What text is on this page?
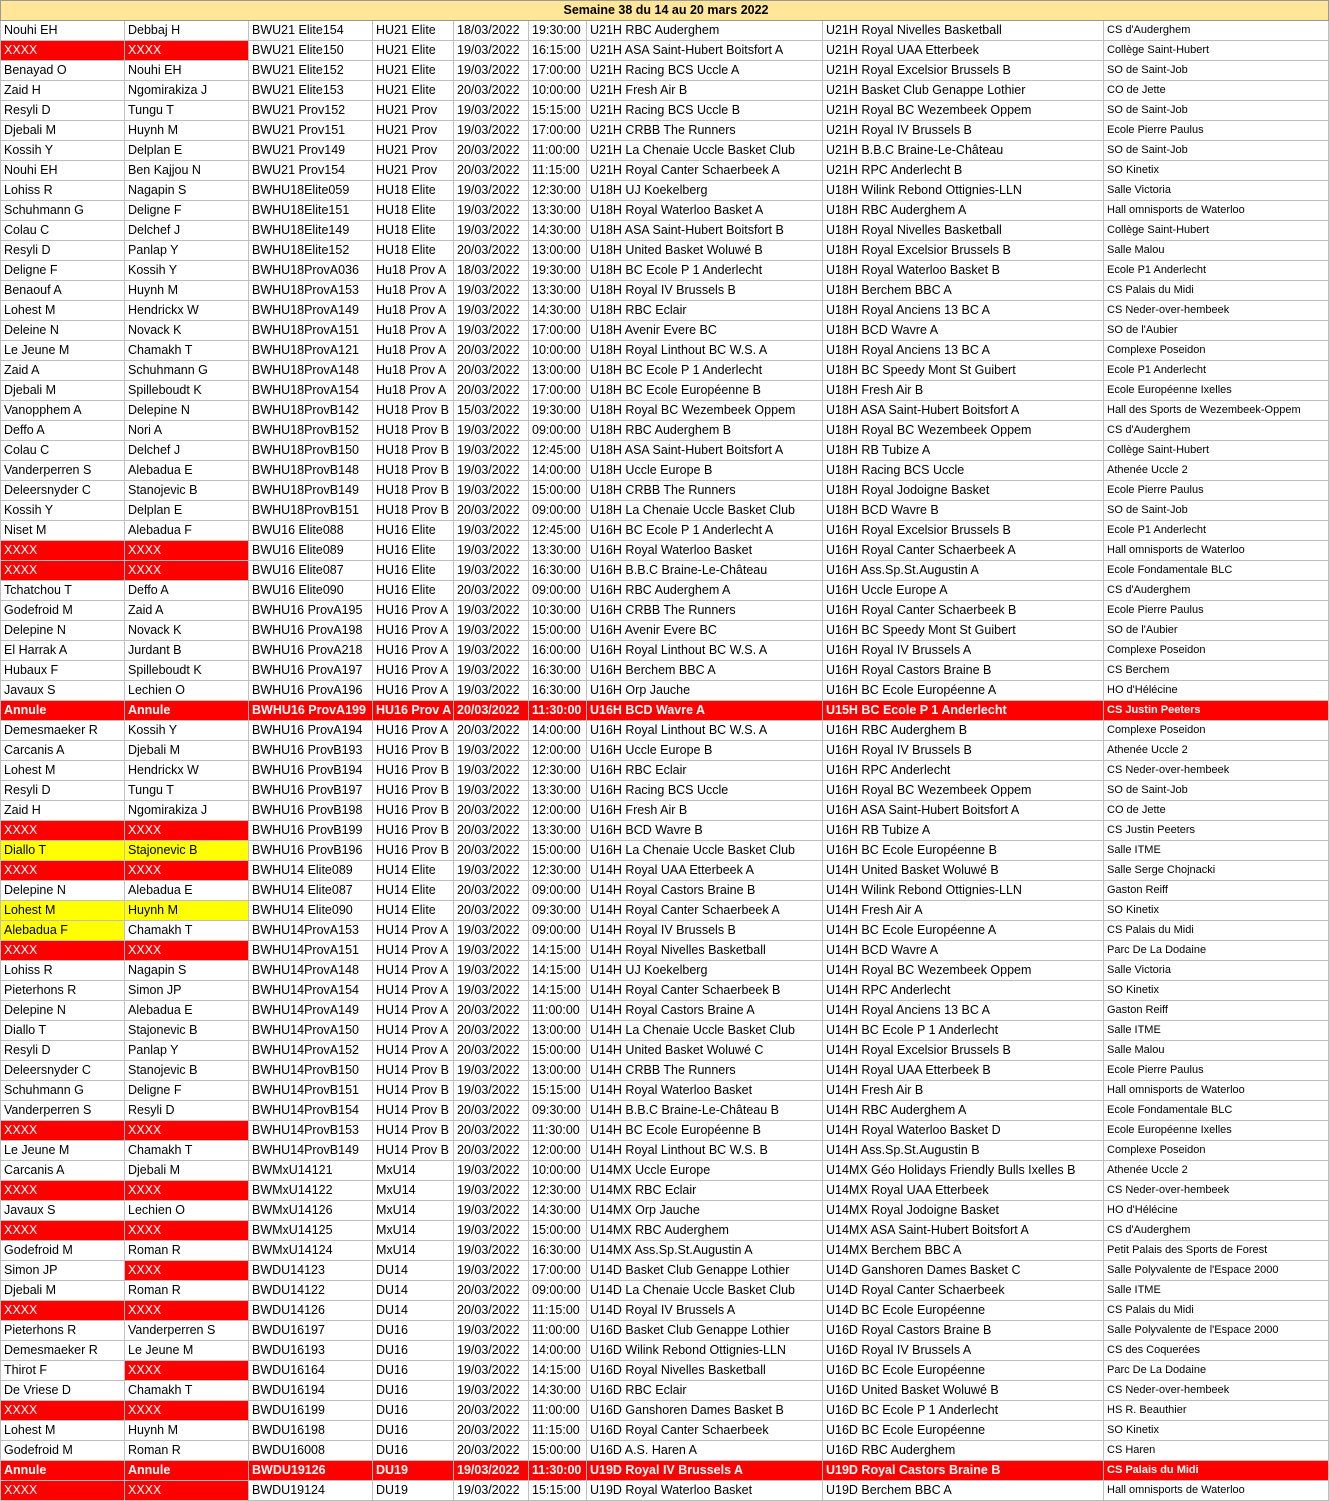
Semaine 38 du 14 au 20 mars 2022								
Nouhi EH	Debbaj H	BWU21 Elite154	HU21 Elite	18/03/2022	19:30:00	U21H RBC Auderghem	U21H Royal Nivelles Basketball	CS d'Auderghem
XXXX	XXXX	BWU21 Elite150	HU21 Elite	19/03/2022	16:15:00	U21H ASA Saint-Hubert Boitsfort A	U21H Royal UAA Etterbeek	Collège Saint-Hubert
Benayad O	Nouhi EH	BWU21 Elite152	HU21 Elite	19/03/2022	17:00:00	U21H Racing BCS Uccle A	U21H Royal Excelsior Brussels B	SO de Saint-Job
Zaid H	Ngomirakiza J	BWU21 Elite153	HU21 Elite	20/03/2022	10:00:00	U21H Fresh Air B	U21H Basket Club Genappe Lothier	CO de Jette
Resyli D	Tungu T	BWU21 Prov152	HU21 Prov	19/03/2022	15:15:00	U21H Racing BCS Uccle B	U21H Royal BC Wezembeek Oppem	SO de Saint-Job
Djebali M	Huynh M	BWU21 Prov151	HU21 Prov	19/03/2022	17:00:00	U21H CRBB The Runners	U21H Royal IV Brussels B	Ecole Pierre Paulus
Kossih Y	Delplan E	BWU21 Prov149	HU21 Prov	20/03/2022	11:00:00	U21H La Chenaie Uccle Basket Club	U21H B.B.C Braine-Le-Château	SO de Saint-Job
Nouhi EH	Ben Kajjou N	BWU21 Prov154	HU21 Prov	20/03/2022	11:15:00	U21H Royal Canter Schaerbeek A	U21H RPC Anderlecht B	SO Kinetix
Lohiss R	Nagapin S	BWHU18Elite059	HU18 Elite	19/03/2022	12:30:00	U18H UJ Koekelberg	U18H Wilink Rebond Ottignies-LLN	Salle Victoria
Schuhmann G	Deligne F	BWHU18Elite151	HU18 Elite	19/03/2022	13:30:00	U18H Royal Waterloo Basket A	U18H RBC Auderghem A	Hall omnisports de Waterloo
Colau C	Delchef J	BWHU18Elite149	HU18 Elite	19/03/2022	14:30:00	U18H ASA Saint-Hubert Boitsfort B	U18H Royal Nivelles Basketball	Collège Saint-Hubert
Resyli D	Panlap Y	BWHU18Elite152	HU18 Elite	20/03/2022	13:00:00	U18H United Basket Woluwé B	U18H Royal Excelsior Brussels B	Salle Malou
Deligne F	Kossih Y	BWHU18ProvA036	Hu18 Prov A	18/03/2022	19:30:00	U18H BC Ecole P 1 Anderlecht	U18H Royal Waterloo Basket B	Ecole P1 Anderlecht
Benaouf A	Huynh M	BWHU18ProvA153	Hu18 Prov A	19/03/2022	13:30:00	U18H Royal IV Brussels B	U18H Berchem BBC A	CS Palais du Midi
Lohest M	Hendrickx W	BWHU18ProvA149	Hu18 Prov A	19/03/2022	14:30:00	U18H RBC Eclair	U18H Royal Anciens 13 BC A	CS Neder-over-hembeek
Deleine N	Novack K	BWHU18ProvA151	Hu18 Prov A	19/03/2022	17:00:00	U18H Avenir Evere BC	U18H BCD Wavre A	SO de l'Aubier
Le Jeune M	Chamakh T	BWHU18ProvA121	Hu18 Prov A	20/03/2022	10:00:00	U18H Royal Linthout BC W.S. A	U18H Royal Anciens 13 BC A	Complexe Poseidon
Zaid A	Schuhmann G	BWHU18ProvA148	Hu18 Prov A	20/03/2022	13:00:00	U18H BC Ecole P 1 Anderlecht	U18H BC Speedy Mont St Guibert	Ecole P1 Anderlecht
Djebali M	Spilleboudt K	BWHU18ProvA154	Hu18 Prov A	20/03/2022	17:00:00	U18H BC Ecole Européenne B	U18H Fresh Air B	Ecole Européenne Ixelles
Vanopphem A	Delepine N	BWHU18ProvB142	HU18 Prov B	15/03/2022	19:30:00	U18H Royal BC Wezembeek Oppem	U18H ASA Saint-Hubert Boitsfort A	Hall des Sports de Wezembeek-Oppem
Deffo A	Nori A	BWHU18ProvB152	HU18 Prov B	19/03/2022	09:00:00	U18H RBC Auderghem B	U18H Royal BC Wezembeek Oppem	CS d'Auderghem
Colau C	Delchef J	BWHU18ProvB150	HU18 Prov B	19/03/2022	12:45:00	U18H ASA Saint-Hubert Boitsfort A	U18H RB Tubize A	Collège Saint-Hubert
Vanderperren S	Alebadua E	BWHU18ProvB148	HU18 Prov B	19/03/2022	14:00:00	U18H Uccle Europe B	U18H Racing BCS Uccle	Athenée Uccle 2
Deleersnyder C	Stanojevic B	BWHU18ProvB149	HU18 Prov B	19/03/2022	15:00:00	U18H CRBB The Runners	U18H Royal Jodoigne Basket	Ecole Pierre Paulus
Kossih Y	Delplan E	BWHU18ProvB151	HU18 Prov B	20/03/2022	09:00:00	U18H La Chenaie Uccle Basket Club	U18H BCD Wavre B	SO de Saint-Job
Niset M	Alebadua F	BWU16 Elite088	HU16 Elite	19/03/2022	12:45:00	U16H BC Ecole P 1 Anderlecht A	U16H Royal Excelsior Brussels B	Ecole P1 Anderlecht
XXXX	XXXX	BWU16 Elite089	HU16 Elite	19/03/2022	13:30:00	U16H Royal Waterloo Basket	U16H Royal Canter Schaerbeek A	Hall omnisports de Waterloo
XXXX	XXXX	BWU16 Elite087	HU16 Elite	19/03/2022	16:30:00	U16H B.B.C Braine-Le-Château	U16H Ass.Sp.St.Augustin A	Ecole Fondamentale BLC
Tchatchou T	Deffo A	BWU16 Elite090	HU16 Elite	20/03/2022	09:00:00	U16H RBC Auderghem A	U16H Uccle Europe A	CS d'Auderghem
Godefroid M	Zaid A	BWHU16 ProvA195	HU16 Prov A	19/03/2022	10:30:00	U16H CRBB The Runners	U16H Royal Canter Schaerbeek B	Ecole Pierre Paulus
Delepine N	Novack K	BWHU16 ProvA198	HU16 Prov A	19/03/2022	15:00:00	U16H Avenir Evere BC	U16H BC Speedy Mont St Guibert	SO de l'Aubier
El Harrak A	Jurdant B	BWHU16 ProvA218	HU16 Prov A	19/03/2022	16:00:00	U16H Royal Linthout BC W.S. A	U16H Royal IV Brussels A	Complexe Poseidon
Hubaux F	Spilleboudt K	BWHU16 ProvA197	HU16 Prov A	19/03/2022	16:30:00	U16H Berchem BBC A	U16H Royal Castors Braine B	CS Berchem
Javaux S	Lechien O	BWHU16 ProvA196	HU16 Prov A	19/03/2022	16:30:00	U16H Orp Jauche	U16H BC Ecole Européenne A	HO d'Hélécine
Annule	Annule	BWHU16 ProvA199	HU16 Prov A	20/03/2022	11:30:00	U16H BCD Wavre A	U15H BC Ecole P 1 Anderlecht	CS Justin Peeters
Demesmaeker R	Kossih Y	BWHU16 ProvA194	HU16 Prov A	20/03/2022	14:00:00	U16H Royal Linthout BC W.S. A	U16H RBC Auderghem B	Complexe Poseidon
Carcanis A	Djebali M	BWHU16 ProvB193	HU16 Prov B	19/03/2022	12:00:00	U16H Uccle Europe B	U16H Royal IV Brussels B	Athenée Uccle 2
Lohest M	Hendrickx W	BWHU16 ProvB194	HU16 Prov B	19/03/2022	12:30:00	U16H RBC Eclair	U16H RPC Anderlecht	CS Neder-over-hembeek
Resyli D	Tungu T	BWHU16 ProvB197	HU16 Prov B	19/03/2022	13:30:00	U16H Racing BCS Uccle	U16H Royal BC Wezembeek Oppem	SO de Saint-Job
Zaid H	Ngomirakiza J	BWHU16 ProvB198	HU16 Prov B	20/03/2022	12:00:00	U16H Fresh Air B	U16H ASA Saint-Hubert Boitsfort A	CO de Jette
XXXX	XXXX	BWHU16 ProvB199	HU16 Prov B	20/03/2022	13:30:00	U16H BCD Wavre B	U16H RB Tubize A	CS Justin Peeters
Diallo T	Stajonevic B	BWHU16 ProvB196	HU16 Prov B	20/03/2022	15:00:00	U16H La Chenaie Uccle Basket Club	U16H BC Ecole Européenne B	Salle ITME
XXXX	XXXX	BWHU14 Elite089	HU14 Elite	19/03/2022	12:30:00	U14H Royal UAA Etterbeek A	U14H United Basket Woluwé B	Salle Serge Chojnacki
Delepine N	Alebadua E	BWHU14 Elite087	HU14 Elite	20/03/2022	09:00:00	U14H Royal Castors Braine B	U14H Wilink Rebond Ottignies-LLN	Gaston Reiff
Lohest M	Huynh M	BWHU14 Elite090	HU14 Elite	20/03/2022	09:30:00	U14H Royal Canter Schaerbeek A	U14H Fresh Air A	SO Kinetix
Alebadua F	Chamakh T	BWHU14ProvA153	HU14 Prov A	19/03/2022	09:00:00	U14H Royal IV Brussels B	U14H BC Ecole Européenne A	CS Palais du Midi
XXXX	XXXX	BWHU14ProvA151	HU14 Prov A	19/03/2022	14:15:00	U14H Royal Nivelles Basketball	U14H BCD Wavre A	Parc De La Dodaine
Lohiss R	Nagapin S	BWHU14ProvA148	HU14 Prov A	19/03/2022	14:15:00	U14H UJ Koekelberg	U14H Royal BC Wezembeek Oppem	Salle Victoria
Pieterhons R	Simon JP	BWHU14ProvA154	HU14 Prov A	19/03/2022	14:15:00	U14H Royal Canter Schaerbeek B	U14H RPC Anderlecht	SO Kinetix
Delepine N	Alebadua E	BWHU14ProvA149	HU14 Prov A	20/03/2022	11:00:00	U14H Royal Castors Braine A	U14H Royal Anciens 13 BC A	Gaston Reiff
Diallo T	Stajonevic B	BWHU14ProvA150	HU14 Prov A	20/03/2022	13:00:00	U14H La Chenaie Uccle Basket Club	U14H BC Ecole P 1 Anderlecht	Salle ITME
Resyli D	Panlap Y	BWHU14ProvA152	HU14 Prov A	20/03/2022	15:00:00	U14H United Basket Woluwé C	U14H Royal Excelsior Brussels B	Salle Malou
Deleersnyder C	Stanojevic B	BWHU14ProvB150	HU14 Prov B	19/03/2022	13:00:00	U14H CRBB The Runners	U14H Royal UAA Etterbeek B	Ecole Pierre Paulus
Schuhmann G	Deligne F	BWHU14ProvB151	HU14 Prov B	19/03/2022	15:15:00	U14H Royal Waterloo Basket	U14H Fresh Air B	Hall omnisports de Waterloo
Vanderperren S	Resyli D	BWHU14ProvB154	HU14 Prov B	20/03/2022	09:30:00	U14H B.B.C Braine-Le-Château B	U14H RBC Auderghem A	Ecole Fondamentale BLC
XXXX	XXXX	BWHU14ProvB153	HU14 Prov B	20/03/2022	11:30:00	U14H BC Ecole Européenne B	U14H Royal Waterloo Basket D	Ecole Européenne Ixelles
Le Jeune M	Chamakh T	BWHU14ProvB149	HU14 Prov B	20/03/2022	12:00:00	U14H Royal Linthout BC W.S. B	U14H Ass.Sp.St.Augustin B	Complexe Poseidon
Carcanis A	Djebali M	BWMxU14121	MxU14	19/03/2022	10:00:00	U14MX Uccle Europe	U14MX Géo Holidays Friendly Bulls Ixelles B	Athenée Uccle 2
XXXX	XXXX	BWMxU14122	MxU14	19/03/2022	12:30:00	U14MX RBC Eclair	U14MX Royal UAA Etterbeek	CS Neder-over-hembeek
Javaux S	Lechien O	BWMxU14126	MxU14	19/03/2022	14:30:00	U14MX Orp Jauche	U14MX Royal Jodoigne Basket	HO d'Hélécine
XXXX	XXXX	BWMxU14125	MxU14	19/03/2022	15:00:00	U14MX RBC Auderghem	U14MX ASA Saint-Hubert Boitsfort A	CS d'Auderghem
Godefroid M	Roman R	BWMxU14124	MxU14	19/03/2022	16:30:00	U14MX Ass.Sp.St.Augustin A	U14MX Berchem BBC A	Petit Palais des Sports de Forest
Simon JP	XXXX	BWDU14123	DU14	19/03/2022	17:00:00	U14D Basket Club Genappe Lothier	U14D Ganshoren Dames Basket C	Salle Polyvalente de l'Espace 2000
Djebali M	Roman R	BWDU14122	DU14	20/03/2022	09:00:00	U14D La Chenaie Uccle Basket Club	U14D Royal Canter Schaerbeek	Salle ITME
XXXX	XXXX	BWDU14126	DU14	20/03/2022	11:15:00	U14D Royal IV Brussels A	U14D BC Ecole Européenne	CS Palais du Midi
Pieterhons R	Vanderperren S	BWDU16197	DU16	19/03/2022	11:00:00	U16D Basket Club Genappe Lothier	U16D Royal Castors Braine B	Salle Polyvalente de l'Espace 2000
Demesmaeker R	Le Jeune M	BWDU16193	DU16	19/03/2022	14:00:00	U16D Wilink Rebond Ottignies-LLN	U16D Royal IV Brussels A	CS des Coquerées
Thirot F	XXXX	BWDU16164	DU16	19/03/2022	14:15:00	U16D Royal Nivelles Basketball	U16D BC Ecole Européenne	Parc De La Dodaine
De Vriese D	Chamakh T	BWDU16194	DU16	19/03/2022	14:30:00	U16D RBC Eclair	U16D United Basket Woluwé B	CS Neder-over-hembeek
XXXX	XXXX	BWDU16199	DU16	20/03/2022	11:00:00	U16D Ganshoren Dames Basket B	U16D BC Ecole P 1 Anderlecht	HS R. Beauthier
Lohest M	Huynh M	BWDU16198	DU16	20/03/2022	11:15:00	U16D Royal Canter Schaerbeek	U16D BC Ecole Européenne	SO Kinetix
Godefroid M	Roman R	BWDU16008	DU16	20/03/2022	15:00:00	U16D A.S. Haren A	U16D RBC Auderghem	CS Haren
Annule	Annule	BWDU19126	DU19	19/03/2022	11:30:00	U19D Royal IV Brussels A	U19D Royal Castors Braine B	CS Palais du Midi
XXXX	XXXX	BWDU19124	DU19	19/03/2022	15:15:00	U19D Royal Waterloo Basket	U19D Berchem BBC A	Hall omnisports de Waterloo
